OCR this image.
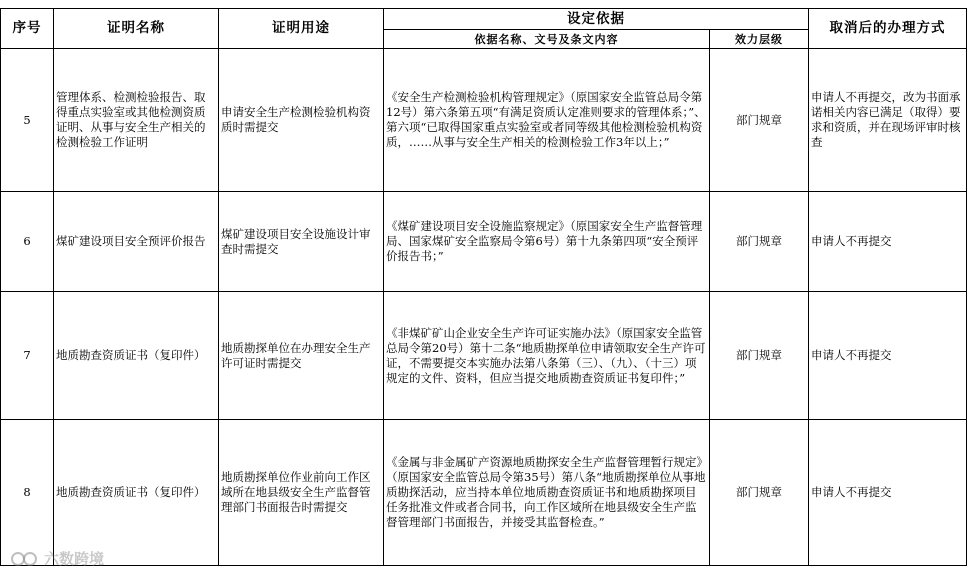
序号	证明名称	证明用途	设定依据		取消后的办理方式
			依据名称、文号及条文内容	效力层级	
5	管理体系、检测检验报告、取得重点实验室或其他检测资质证明、从事与安全生产相关的检测检验工作证明	申请安全生产检测检验机构资质时需提交	《安全生产检测检验机构管理规定》（原国家安全监管总局令第12号）第六条第五项“有满足资质认定准则要求的管理体系；”、第六项“已取得国家重点实验室或者同等级其他检测检验机构资质，……从事与安全生产相关的检测检验工作3年以上；”	部门规章	申请人不再提交，改为书面承诺相关内容已满足（取得）要求和资质，并在现场评审时核查
6	煤矿建设项目安全预评价报告	煤矿建设项目安全设施设计审查时需提交	《煤矿建设项目安全设施监察规定》（原国家安全生产监督管理局、国家煤矿安全监察局令第6号）第十九条第四项“安全预评价报告书；”	部门规章	申请人不再提交
7	地质勘查资质证书（复印件）	地质勘探单位在办理安全生产许可证时需提交	《非煤矿矿山企业安全生产许可证实施办法》（原国家安全监管总局令第20号）第十二条“地质勘探单位申请领取安全生产许可证，不需要提交本实施办法第八条第（三）、（九）、（十三）项规定的文件、资料，但应当提交地质勘查资质证书复印件；”	部门规章	申请人不再提交
8	地质勘查资质证书（复印件）	地质勘探单位作业前向工作区域所在地县级安全生产监督管理部门书面报告时需提交	《金属与非金属矿产资源地质勘探安全生产监督管理暂行规定》（原国家安全监管总局令第35号）第八条“地质勘探单位从事地质勘探活动，应当持本单位地质勘查资质证书和地质勘探项目任务批准文件或者合同书，向工作区域所在地县级安全生产监督管理部门书面报告，并接受其监督检查。”	部门规章	申请人不再提交
六数跨境
